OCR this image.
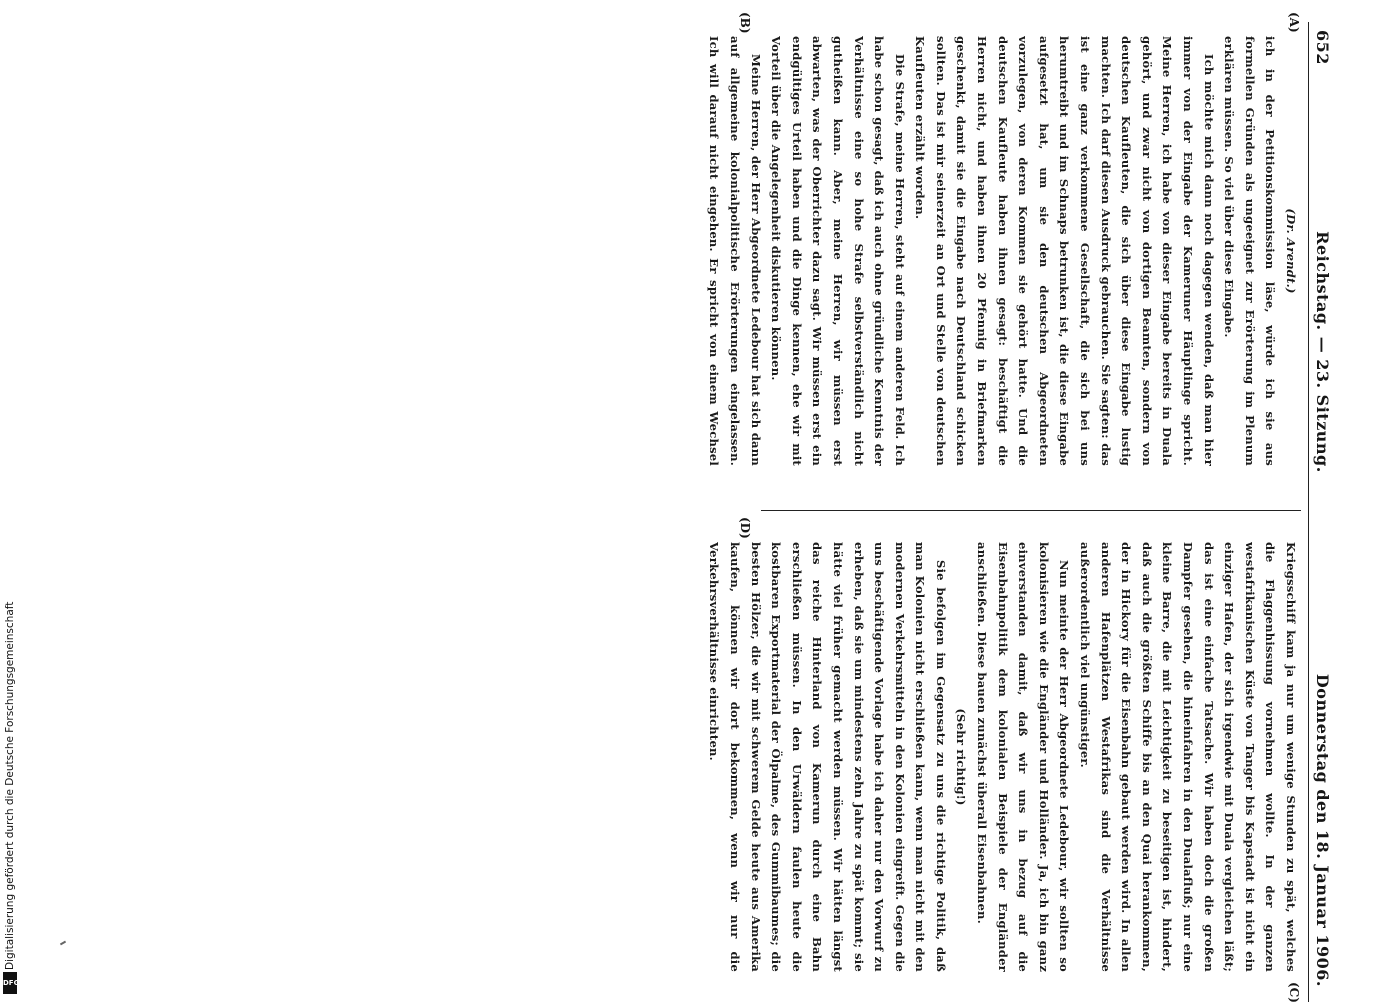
652
Reichstag. — 23. Sitzung.
Donnerstag den 18. Januar 1906.
(A)
(B)
(C)
(D)

(Dr. Arendt.)

ich in der Petitionskommission läse, würde ich sie aus formellen Gründen als ungeeignet zur Erörterung im Plenum erklären müssen. So viel über diese Eingabe.

Ich möchte mich dann noch dagegen wenden, daß man hier immer von der Eingabe der Kameruner Häuptlinge spricht. Meine Herren, ich habe von dieser Eingabe bereits in Duala gehört, und zwar nicht von dortigen Beamten, sondern von deutschen Kaufleuten, die sich über diese Eingabe lustig machten. Ich darf diesen Ausdruck gebrauchen. Sie sagten: das ist eine ganz verkommene Gesellschaft, die sich bei uns herumtreibt und im Schnaps betrunken ist, die diese Eingabe aufgesetzt hat, um sie den deutschen Abgeordneten vorzulegen, von deren Kommen sie gehört hatte. Und die deutschen Kaufleute haben ihnen gesagt: beschäftigt die Herren nicht, und haben ihnen 20 Pfennig in Briefmarken geschenkt, damit sie die Eingabe nach Deutschland schicken sollten. Das ist mir seinerzeit an Ort und Stelle von deutschen Kaufleuten erzählt worden.

Die Strafe, meine Herren, steht auf einem anderen Feld. Ich habe schon gesagt, daß ich auch ohne gründliche Kenntnis der Verhältnisse eine so hohe Strafe selbstverständlich nicht gutheißen kann. Aber, meine Herren, wir müssen erst abwarten, was der Oberrichter dazu sagt. Wir müssen erst ein endgültiges Urteil haben und die Dinge kennen, ehe wir mit Vorteil über die Angelegenheit diskutieren können.

Meine Herren, der Herr Abgeordnete Ledebour hat sich dann auf allgemeine kolonialpolitische Erörterungen eingelassen. Ich will darauf nicht eingehen. Er spricht von einem Wechsel

Kriegsschiff kam ja nur um wenige Stunden zu spät, welches die Flaggenhissung vornehmen wollte. In der ganzen westafrikanischen Küste von Tanger bis Kapstadt ist nicht ein einziger Hafen, der sich irgendwie mit Duala vergleichen läßt; das ist eine einfache Tatsache. Wir haben doch die großen Dampfer gesehen, die hineinfahren in den Dualafluß; nur eine kleine Barre, die mit Leichtigkeit zu beseitigen ist, hindert, daß auch die größten Schiffe bis an den Quai herankommen, der in Hickory für die Eisenbahn gebaut werden wird. In allen anderen Hafenplätzen Westafrikas sind die Verhältnisse außerordentlich viel ungünstiger.

Nun meinte der Herr Abgeordnete Ledebour, wir sollten so kolonisieren wie die Engländer und Holländer. Ja, ich bin ganz einverstanden damit, daß wir uns in bezug auf die Eisenbahnpolitik dem kolonialen Beispiele der Engländer anschließen. Diese bauen zunächst überall Eisenbahnen.

(Sehr richtig!)

Sie befolgen im Gegensatz zu uns die richtige Politik, daß man Kolonien nicht erschließen kann, wenn man nicht mit den modernen Verkehrsmitteln in den Kolonien eingreift. Gegen die uns beschäftigende Vorlage habe ich daher nur den Vorwurf zu erheben, daß sie um mindestens zehn Jahre zu spät kommt; sie hätte viel früher gemacht werden müssen. Wir hätten längst das reiche Hinterland von Kamerun durch eine Bahn erschließen müssen. In den Urwäldern faulen heute die kostbaren Exportmaterial der Ölpalme, des Gummibaumes; die besten Hölzer, die wir mit schwerem Gelde heute aus Amerika kaufen, können wir dort bekommen, wenn wir nur die Verkehrsverhältnisse einrichten.

Digitalisierung gefördert durch die Deutsche Forschungsgemeinschaft
DFG
